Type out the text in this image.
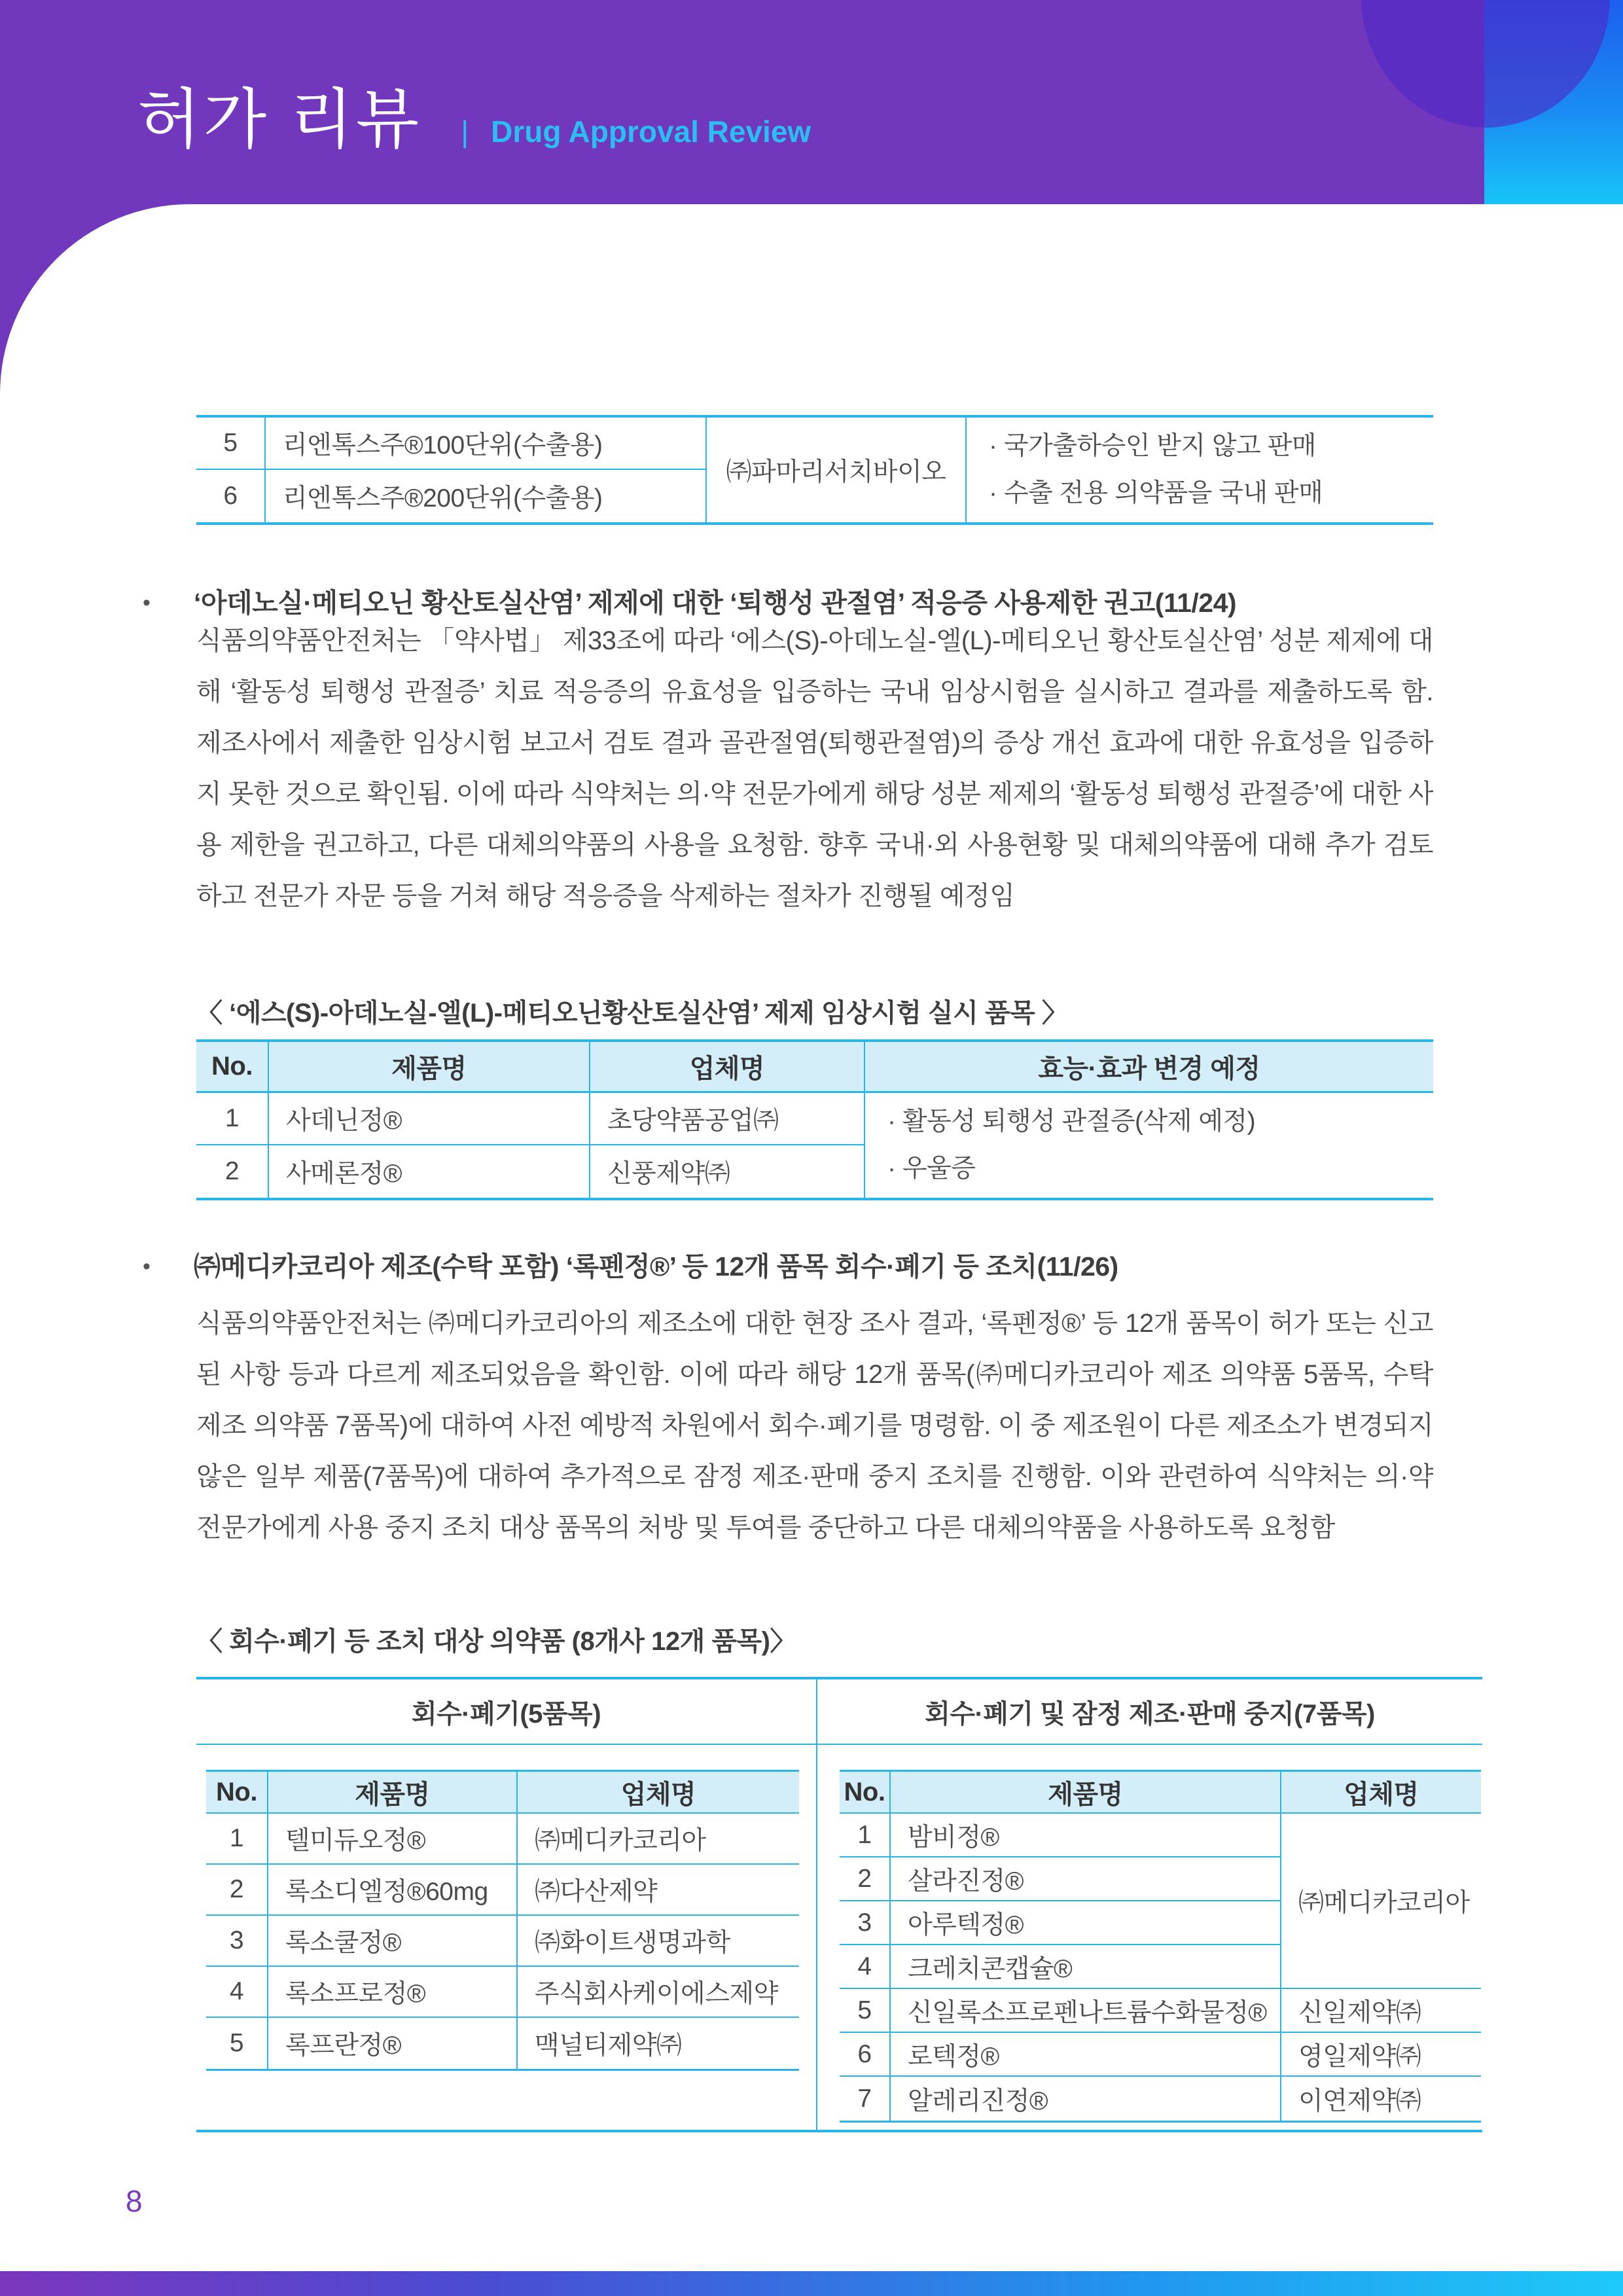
허가 리뷰 | Drug Approval Review
5	리엔톡스주®100단위(수출용)
㈜파마리서치바이오
· 국가출하승인 받지 않고 판매
· 수출 전용 의약품을 국내 판매
6	리엔톡스주®200단위(수출용)
•	‘아데노실·메티오닌 황산토실산염’ 제제에 대한 ‘퇴행성 관절염’ 적응증 사용제한 권고(11/24)
식품의약품안전처는 「약사법」 제33조에 따라 ‘에스(S)-아데노실-엘(L)-메티오닌 황산토실산염’ 성분 제제에 대해 ‘활동성 퇴행성 관절증’ 치료 적응증의 유효성을 입증하는 국내 임상시험을 실시하고 결과를 제출하도록 함. 제조사에서 제출한 임상시험 보고서 검토 결과 골관절염(퇴행관절염)의 증상 개선 효과에 대한 유효성을 입증하지 못한 것으로 확인됨. 이에 따라 식약처는 의·약 전문가에게 해당 성분 제제의 ‘활동성 퇴행성 관절증’에 대한 사용 제한을 권고하고, 다른 대체의약품의 사용을 요청함. 향후 국내·외 사용현황 및 대체의약품에 대해 추가 검토하고 전문가 자문 등을 거쳐 해당 적응증을 삭제하는 절차가 진행될 예정임
〈 ‘에스(S)-아데노실-엘(L)-메티오닌황산토실산염’ 제제 임상시험 실시 품목 〉
No.	제품명	업체명	효능·효과 변경 예정
1	사데닌정®	초당약품공업㈜	· 활동성 퇴행성 관절증(삭제 예정)
· 우울증
2	사메론정®	신풍제약㈜
•	㈜메디카코리아 제조(수탁 포함) ‘록펜정®’ 등 12개 품목 회수·폐기 등 조치(11/26)
식품의약품안전처는 ㈜메디카코리아의 제조소에 대한 현장 조사 결과, ‘록펜정®’ 등 12개 품목이 허가 또는 신고된 사항 등과 다르게 제조되었음을 확인함. 이에 따라 해당 12개 품목(㈜메디카코리아 제조 의약품 5품목, 수탁 제조 의약품 7품목)에 대하여 사전 예방적 차원에서 회수·폐기를 명령함. 이 중 제조원이 다른 제조소가 변경되지 않은 일부 제품(7품목)에 대하여 추가적으로 잠정 제조·판매 중지 조치를 진행함. 이와 관련하여 식약처는 의·약 전문가에게 사용 중지 조치 대상 품목의 처방 및 투여를 중단하고 다른 대체의약품을 사용하도록 요청함
〈 회수·폐기 등 조치 대상 의약품 (8개사 12개 품목)〉
회수·폐기(5품목)	회수·폐기 및 잠정 제조·판매 중지(7품목)
No.	제품명	업체명
1	텔미듀오정®	㈜메디카코리아
2	록소디엘정®60mg	㈜다산제약
3	록소쿨정®	㈜화이트생명과학
4	록소프로정®	주식회사케이에스제약
5	록프란정®	맥널티제약㈜
No.	제품명	업체명
1	밤비정®
㈜메디카코리아
2	살라진정®
3	아루텍정®
4	크레치콘캡슐®
5	신일록소프로펜나트륨수화물정®	신일제약㈜
6	로텍정®	영일제약㈜
7	알레리진정®	이연제약㈜
8
